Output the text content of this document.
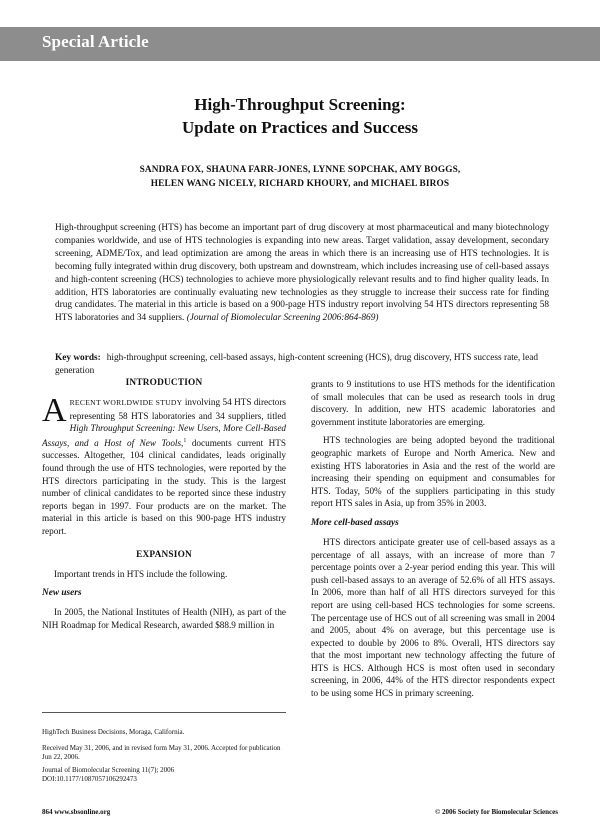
Special Article
High-Throughput Screening:
Update on Practices and Success
SANDRA FOX, SHAUNA FARR-JONES, LYNNE SOPCHAK, AMY BOGGS,
HELEN WANG NICELY, RICHARD KHOURY, and MICHAEL BIROS

High-throughput screening (HTS) has become an important part of drug discovery at most pharmaceutical and many biotechnology companies worldwide, and use of HTS technologies is expanding into new areas. Target validation, assay development, secondary screening, ADME/Tox, and lead optimization are among the areas in which there is an increasing use of HTS technologies. It is becoming fully integrated within drug discovery, both upstream and downstream, which includes increasing use of cell-based assays and high-content screening (HCS) technologies to achieve more physiologically relevant results and to find higher quality leads. In addition, HTS laboratories are continually evaluating new technologies as they struggle to increase their success rate for finding drug candidates. The material in this article is based on a 900-page HTS industry report involving 54 HTS directors representing 58 HTS laboratories and 34 suppliers. (Journal of Biomolecular Screening 2006:864-869)

Key words: high-throughput screening, cell-based assays, high-content screening (HCS), drug discovery, HTS success rate, lead generation

INTRODUCTION

ARECENT WORLDWIDE STUDY involving 54 HTS directors representing 58 HTS laboratories and 34 suppliers, titled High Throughput Screening: New Users, More Cell-Based Assays, and a Host of New Tools,$^1$ documents current HTS successes. Altogether, 104 clinical candidates, leads originally found through the use of HTS technologies, were reported by the HTS directors participating in the study. This is the largest number of clinical candidates to be reported since these industry reports began in 1997. Four products are on the market. The material in this article is based on this 900-page HTS industry report.

EXPANSION

Important trends in HTS include the following.

New users

In 2005, the National Institutes of Health (NIH), as part of the NIH Roadmap for Medical Research, awarded $88.9 million in

HighTech Business Decisions, Moraga, California.

Received May 31, 2006, and in revised form May 31, 2006. Accepted for publication Jun 22, 2006.

Journal of Biomolecular Screening 11(7); 2006
DOI:10.1177/1087057106292473

grants to 9 institutions to use HTS methods for the identification of small molecules that can be used as research tools in drug discovery. In addition, new HTS academic laboratories and government institute laboratories are emerging.

HTS technologies are being adopted beyond the traditional geographic markets of Europe and North America. New and existing HTS laboratories in Asia and the rest of the world are increasing their spending on equipment and consumables for HTS. Today, 50% of the suppliers participating in this study report HTS sales in Asia, up from 35% in 2003.

More cell-based assays

HTS directors anticipate greater use of cell-based assays as a percentage of all assays, with an increase of more than 7 percentage points over a 2-year period ending this year. This will push cell-based assays to an average of 52.6% of all HTS assays. In 2006, more than half of all HTS directors surveyed for this report are using cell-based HCS technologies for some screens. The percentage use of HCS out of all screening was small in 2004 and 2005, about 4% on average, but this percentage use is expected to double by 2006 to 8%. Overall, HTS directors say that the most important new technology affecting the future of HTS is HCS. Although HCS is most often used in secondary screening, in 2006, 44% of the HTS director respondents expect to be using some HCS in primary screening.

864 www.sbsonline.org	© 2006 Society for Biomolecular Sciences
